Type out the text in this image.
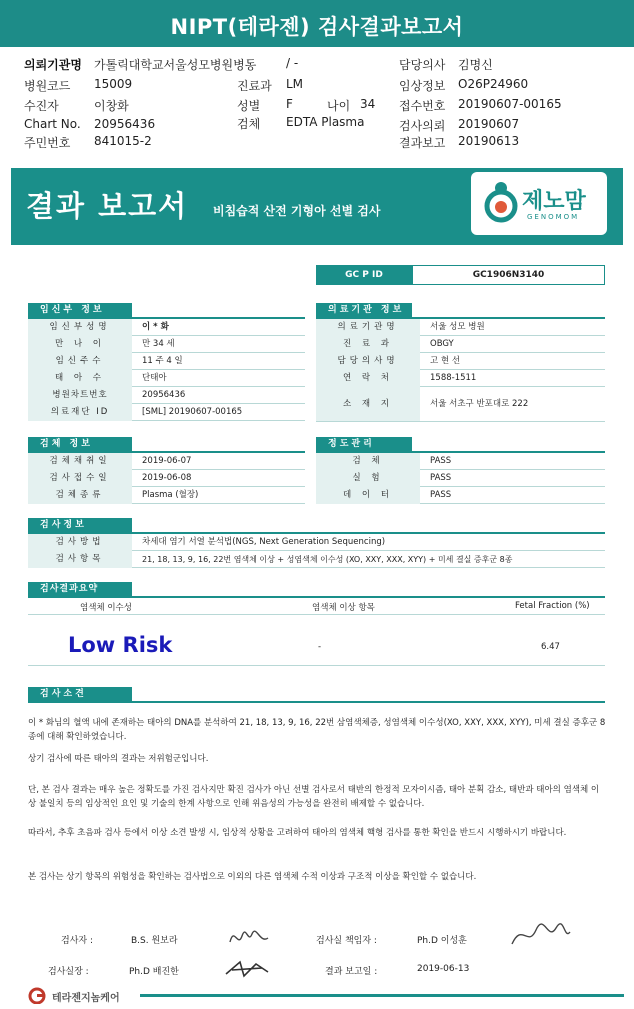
NIPT(테라젠) 검사결과보고서
의뢰기관명 가톨릭대학교서울성모병원병동 / -	담당의사 김명신
병원코드 15009	진료과 LM	임상정보 O26P24960
수진자	이창화	성별 F	나이 34 접수번호 20190607-00165
Chart No. 20956436	검체 EDTA Plasma	검사의뢰 20190607
주민번호 841015-2	결과보고 20190613
결과 보고서 비침습적 산전 기형아 선별 검사	제노맘
GENOMOM
GC P ID	GC1906N3140
임신부 정보
임신부성명	이 * 화
만 나 이	만 34 세
임신주수	11 주 4 일
태 아 수	단태아
병원차트번호	20956436
의료재단 ID	[SML] 20190607-00165
의료기관 정보
의료기관명	서울 성모 병원
진 료 과	OBGY
담당의사명	고 현 선
연 락 처	1588-1511
소 재 지	서울 서초구 반포대로 222
검체 정보
검체채취일	2019-06-07
검사접수일	2019-06-08
검체종류	Plasma (혈장)
정도관리
검 체	PASS
실 험	PASS
데 이 터	PASS
검사정보
검사방법	차세대 염기 서열 분석법(NGS, Next Generation Sequencing)
검사항목	21, 18, 13, 9, 16, 22번 염색체 이상 + 성염색체 이수성 (XO, XXY, XXX, XYY) + 미세 결실 증후군 8종
검사결과요약
염색체 이수성	염색체 이상 항목	Fetal Fraction (%)
Low Risk	-	6.47
검사소견
이 * 화님의 혈액 내에 존재하는 태아의 DNA를 분석하여 21, 18, 13, 9, 16, 22번 삼염색체증, 성염색체 이수성(XO, XXY, XXX, XYY), 미세 결실 증후군 8종에 대해 확인하였습니다.
상기 검사에 따른 태아의 결과는 저위험군입니다.
단, 본 검사 결과는 매우 높은 정확도를 가진 검사지만 확진 검사가 아닌 선별 검사로서 태반의 한정적 모자이시즘, 태아 분획 감소, 태반과 태아의 염색체 이상 불일치 등의 임상적인 요인 및 기술의 한계 사항으로 인해 위음성의 가능성을 완전히 배제할 수 없습니다.
따라서, 추후 초음파 검사 등에서 이상 소견 발생 시, 임상적 상황을 고려하여 태아의 염색체 핵형 검사를 통한 확인을 반드시 시행하시기 바랍니다.
본 검사는 상기 항목의 위험성을 확인하는 검사법으로 이외의 다른 염색체 수적 이상과 구조적 이상을 확인할 수 없습니다.
검사자 :	B.S. 원보라	검사실 책임자 :	Ph.D 이성훈
검사실장 :	Ph.D 배진한	결과 보고일 :	2019-06-13
테라젠지놈케어
